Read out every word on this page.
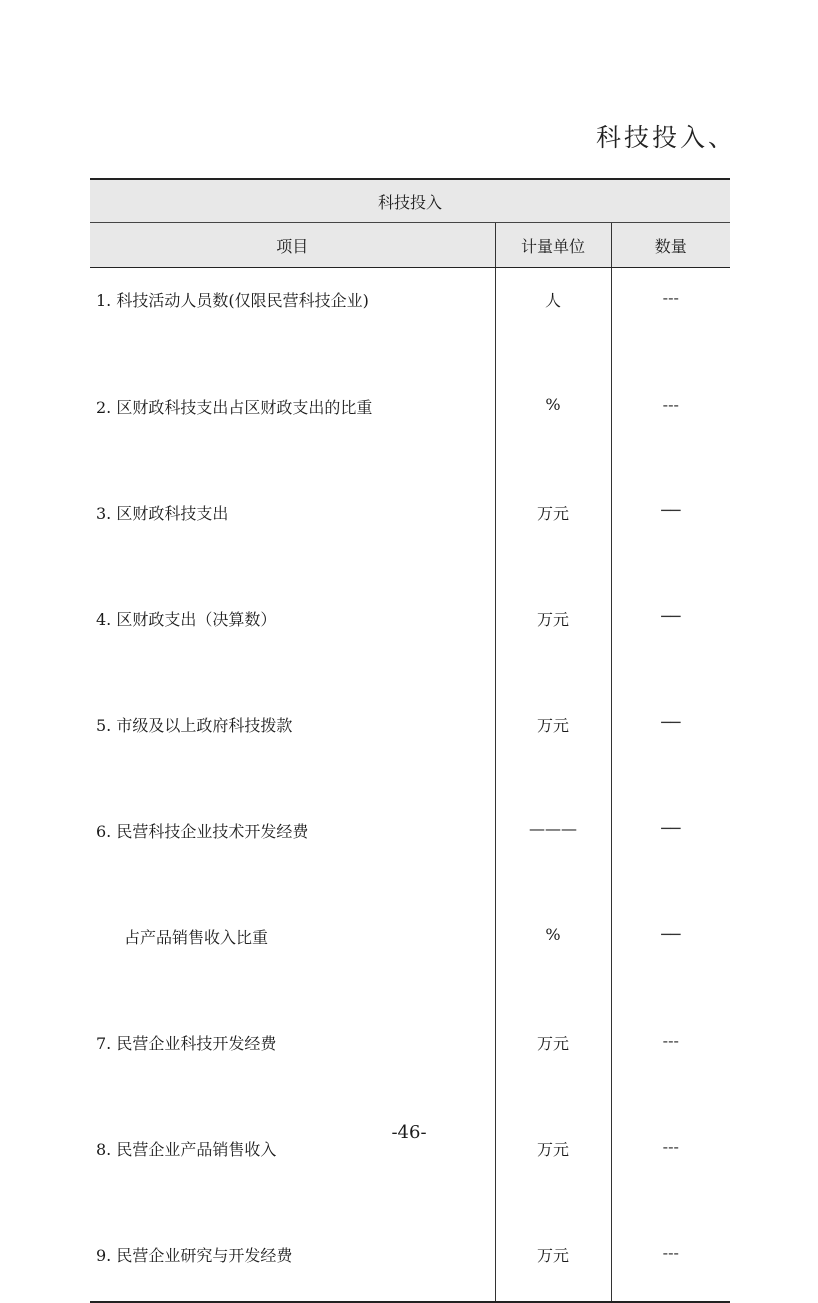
科技投入、
科技投入		
项目	计量单位	数量
1. 科技活动人员数(仅限民营科技企业)	人	---
2. 区财政科技支出占区财政支出的比重	%	---
3. 区财政科技支出	万元	──
4. 区财政支出（决算数）	万元	──
5. 市级及以上政府科技拨款	万元	──
6. 民营科技企业技术开发经费	———	──
占产品销售收入比重	%	──
7. 民营企业科技开发经费	万元	---
8. 民营企业产品销售收入	万元	---
9. 民营企业研究与开发经费	万元	---
-46-
